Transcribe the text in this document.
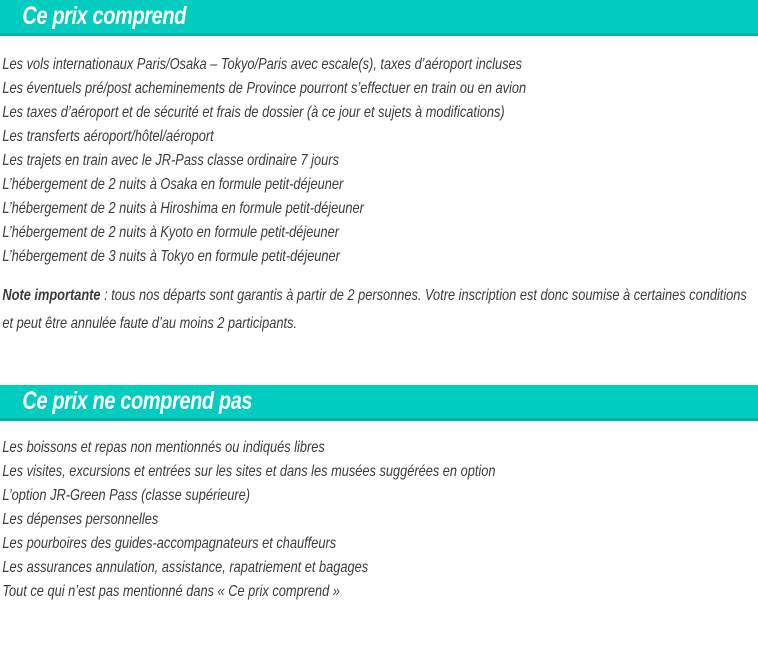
Ce prix comprend
Les vols internationaux Paris/Osaka – Tokyo/Paris avec escale(s), taxes d’aéroport incluses
Les éventuels pré/post acheminements de Province pourront s’effectuer en train ou en avion
Les taxes d’aéroport et de sécurité et frais de dossier (à ce jour et sujets à modifications)
Les transferts aéroport/hôtel/aéroport
Les trajets en train avec le JR-Pass classe ordinaire 7 jours
L’hébergement de 2 nuits à Osaka en formule petit-déjeuner
L’hébergement de 2 nuits à Hiroshima en formule petit-déjeuner
L’hébergement de 2 nuits à Kyoto en formule petit-déjeuner
L’hébergement de 3 nuits à Tokyo en formule petit-déjeuner

Note importante : tous nos départs sont garantis à partir de 2 personnes. Votre inscription est donc soumise à certaines conditions et peut être annulée faute d’au moins 2 participants.

Ce prix ne comprend pas
Les boissons et repas non mentionnés ou indiqués libres
Les visites, excursions et entrées sur les sites et dans les musées suggérées en option
L’option JR-Green Pass (classe supérieure)
Les dépenses personnelles
Les pourboires des guides-accompagnateurs et chauffeurs
Les assurances annulation, assistance, rapatriement et bagages
Tout ce qui n’est pas mentionné dans « Ce prix comprend »
